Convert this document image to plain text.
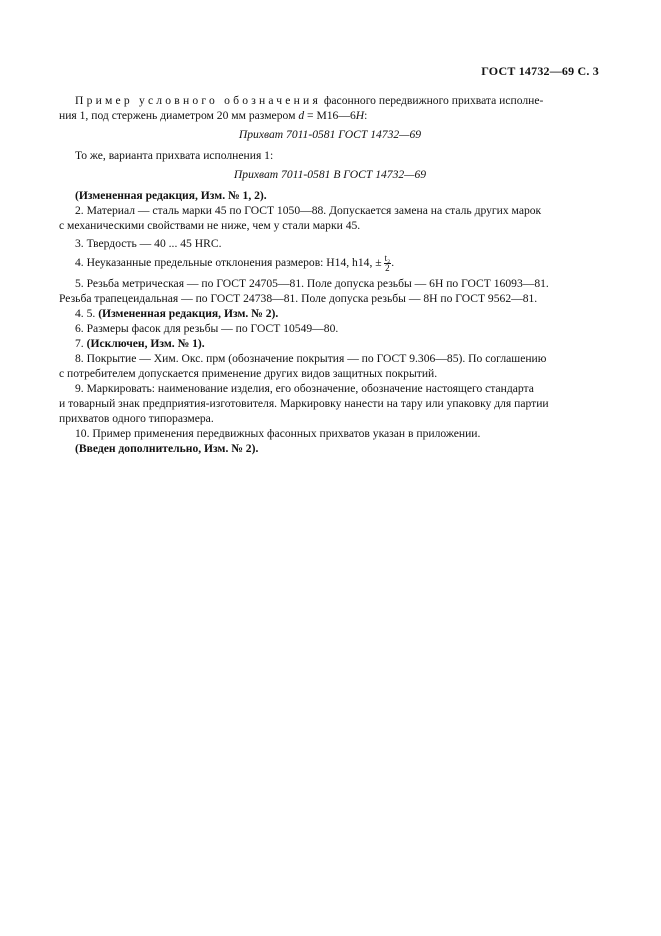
ГОСТ 14732—69 С. 3

Пример условного обозначения фасонного передвижного прихвата исполне-

ния 1, под стержень диаметром 20 мм размером d = М16—6H:

Прихват 7011-0581 ГОСТ 14732—69

То же, варианта прихвата исполнения 1:

Прихват 7011-0581 В ГОСТ 14732—69

(Измененная редакция, Изм. № 1, 2).

2. Материал — сталь марки 45 по ГОСТ 1050—88. Допускается замена на сталь других марок

с механическими свойствами не ниже, чем у стали марки 45.

3. Твердость — 40 ... 45 HRC.

4. Неуказанные предельные отклонения размеров: H14, h14, ± $\frac{\text{t₂}}{2}$ .

5. Резьба метрическая — по ГОСТ 24705—81. Поле допуска резьбы — 6H по ГОСТ 16093—81.

Резьба трапецеидальная — по ГОСТ 24738—81. Поле допуска резьбы — 8H по ГОСТ 9562—81.

4. 5. (Измененная редакция, Изм. № 2).

6. Размеры фасок для резьбы — по ГОСТ 10549—80.

7. (Исключен, Изм. № 1).

8. Покрытие — Хим. Окс. прм (обозначение покрытия — по ГОСТ 9.306—85). По соглашению

с потребителем допускается применение других видов защитных покрытий.

9. Маркировать: наименование изделия, его обозначение, обозначение настоящего стандарта

и товарный знак предприятия-изготовителя. Маркировку нанести на тару или упаковку для партии

прихватов одного типоразмера.

10. Пример применения передвижных фасонных прихватов указан в приложении.

(Введен дополнительно, Изм. № 2).
